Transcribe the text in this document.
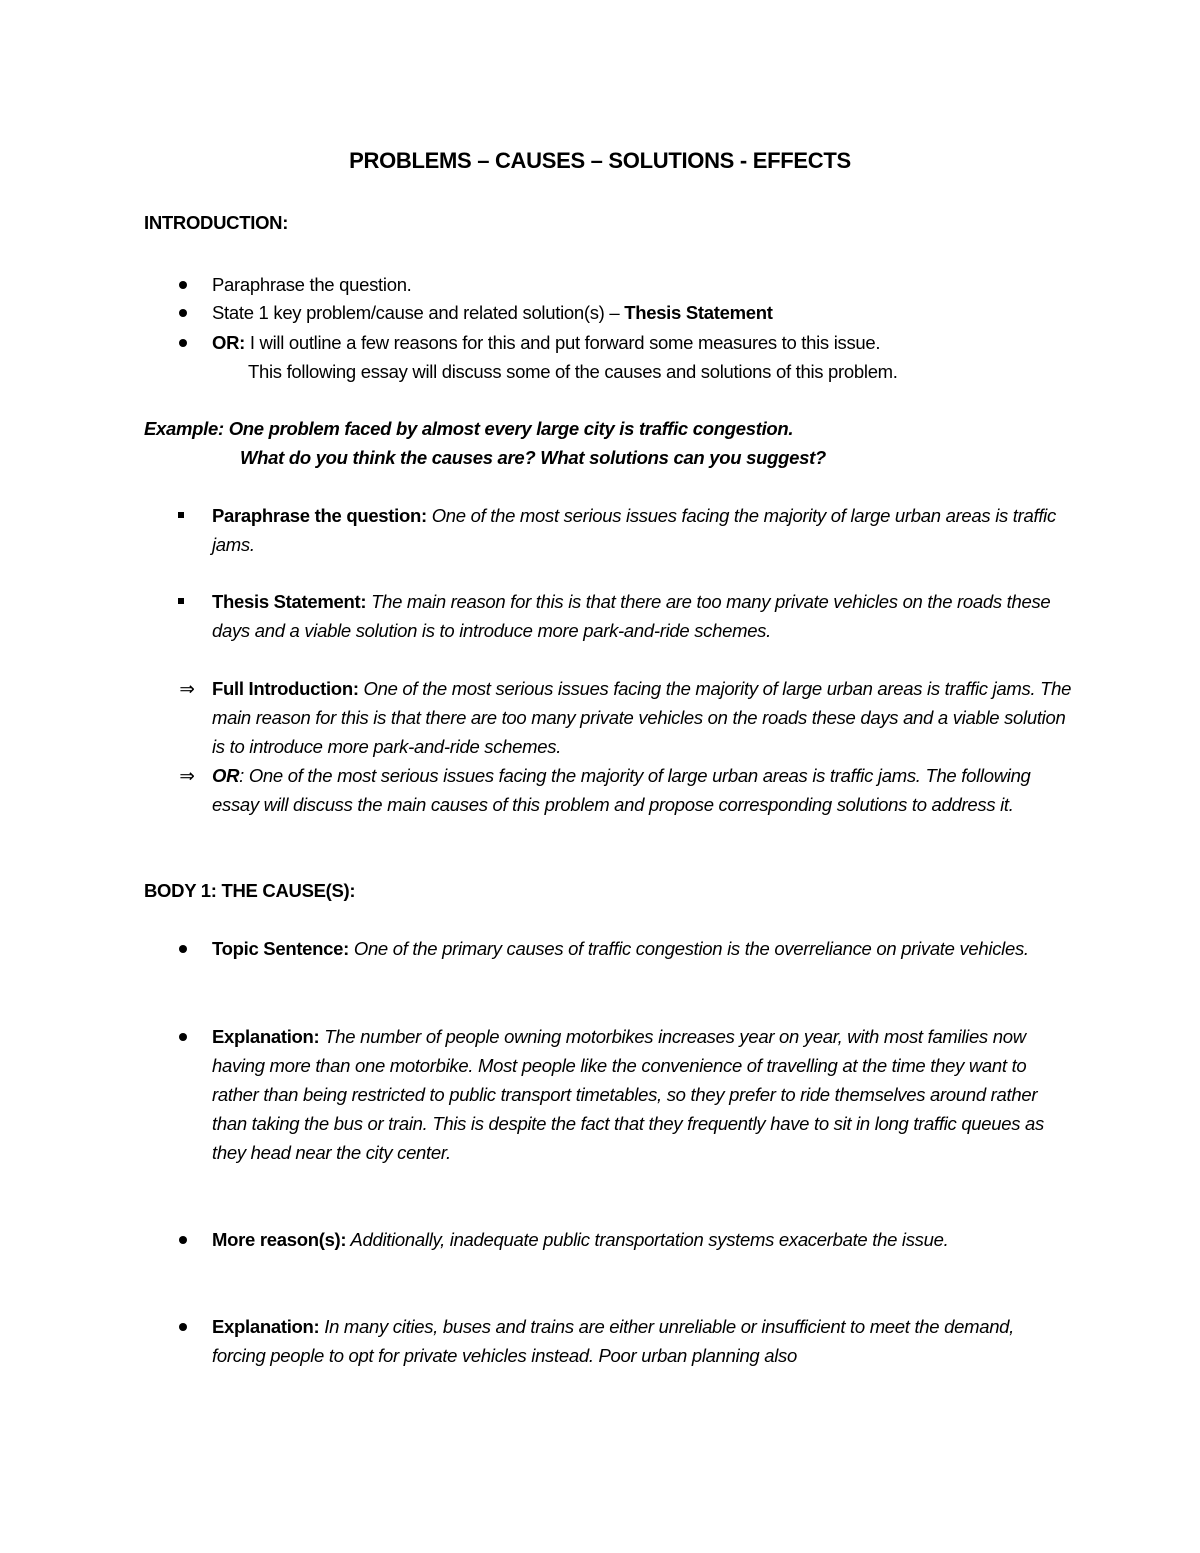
PROBLEMS – CAUSES – SOLUTIONS - EFFECTS
INTRODUCTION:
Paraphrase the question.
State 1 key problem/cause and related solution(s) – Thesis Statement
OR: I will outline a few reasons for this and put forward some measures to this issue.
This following essay will discuss some of the causes and solutions of this problem.
Example: One problem faced by almost every large city is traffic congestion.
What do you think the causes are? What solutions can you suggest?
Paraphrase the question: One of the most serious issues facing the majority of large urban areas is traffic jams.
Thesis Statement: The main reason for this is that there are too many private vehicles on the roads these days and a viable solution is to introduce more park-and-ride schemes.
⇒ Full Introduction: One of the most serious issues facing the majority of large urban areas is traffic jams. The main reason for this is that there are too many private vehicles on the roads these days and a viable solution is to introduce more park-and-ride schemes.
⇒ OR: One of the most serious issues facing the majority of large urban areas is traffic jams. The following essay will discuss the main causes of this problem and propose corresponding solutions to address it.
BODY 1: THE CAUSE(S):
Topic Sentence: One of the primary causes of traffic congestion is the overreliance on private vehicles.
Explanation: The number of people owning motorbikes increases year on year, with most families now having more than one motorbike. Most people like the convenience of travelling at the time they want to rather than being restricted to public transport timetables, so they prefer to ride themselves around rather than taking the bus or train. This is despite the fact that they frequently have to sit in long traffic queues as they head near the city center.
More reason(s): Additionally, inadequate public transportation systems exacerbate the issue.
Explanation: In many cities, buses and trains are either unreliable or insufficient to meet the demand, forcing people to opt for private vehicles instead. Poor urban planning also
